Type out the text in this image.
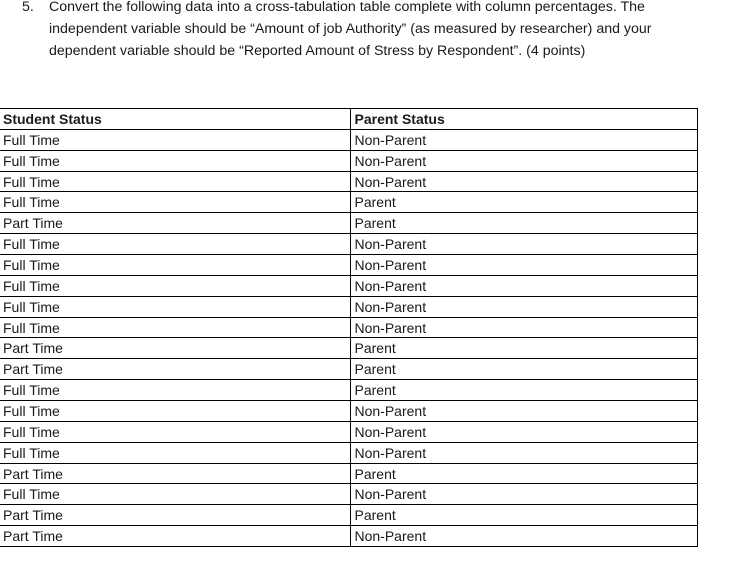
5. Convert the following data into a cross-tabulation table complete with column percentages. The independent variable should be “Amount of job Authority” (as measured by researcher) and your dependent variable should be “Reported Amount of Stress by Respondent”. (4 points)
Student Status	Parent Status
Full Time	Non-Parent
Full Time	Non-Parent
Full Time	Non-Parent
Full Time	Parent
Part Time	Parent
Full Time	Non-Parent
Full Time	Non-Parent
Full Time	Non-Parent
Full Time	Non-Parent
Full Time	Non-Parent
Part Time	Parent
Part Time	Parent
Full Time	Parent
Full Time	Non-Parent
Full Time	Non-Parent
Full Time	Non-Parent
Part Time	Parent
Full Time	Non-Parent
Part Time	Parent
Part Time	Non-Parent
